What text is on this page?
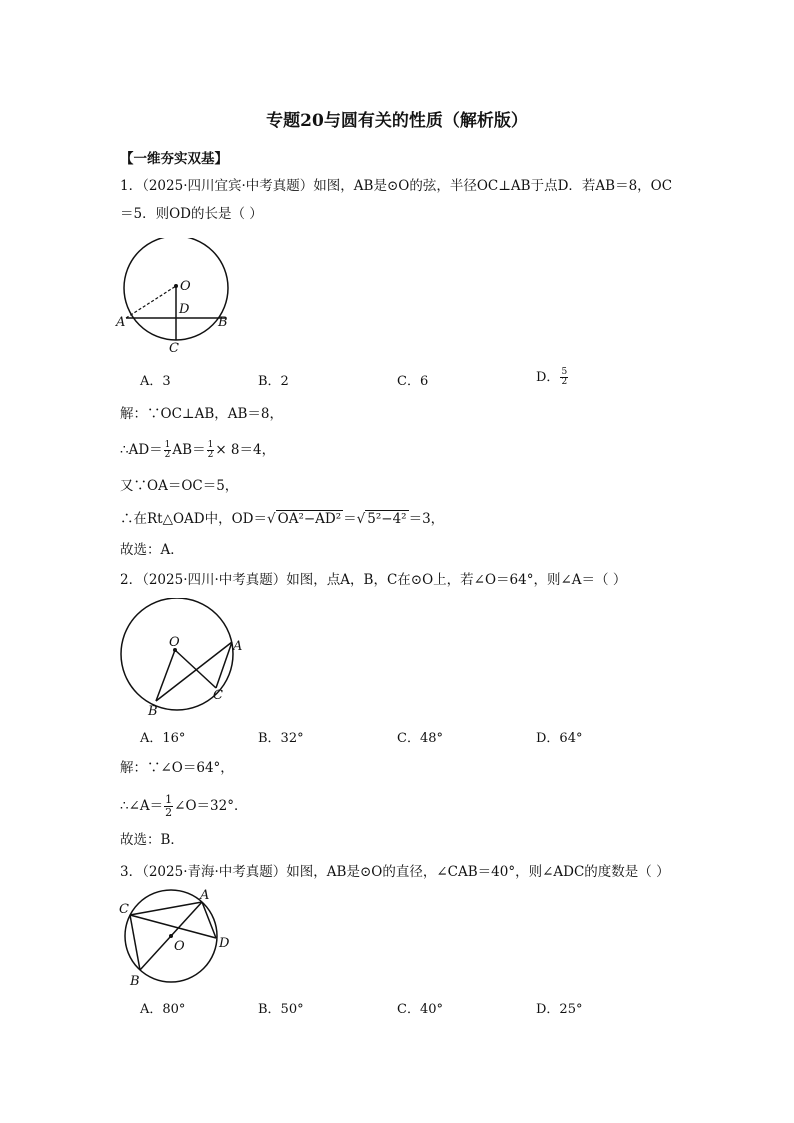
专题20与圆有关的性质（解析版）
【一维夯实双基】
1．（2025·四川宜宾·中考真题）如图，AB是⊙O的弦，半径OC⊥AB于点D．若AB＝8，OC
＝5．则OD的长是（ ）
O
D
A	B
C
A．3	B．2	C．6	D． $\frac{5}{2}$
解：∵OC⊥AB，AB＝8，
∴AD＝ $\frac{1}{2} AB= \frac{1}{2} \times 8=4$，
又∵OA＝OC＝5，
∴在Rt△OAD中，OD＝√ OA²−AD² ＝√ 5²−4² ＝3，
故选：A．
2．（2025·四川·中考真题）如图，点A，B，C在⊙O上，若∠O＝64°，则∠A＝（ ）
O	A
B
C
A．16°	B．32°	C．48°	D．64°
解：∵∠O＝64°，
∴∠A＝ $\frac{1}{2}$ ∠O＝32°．
故选：B．
3．（2025·青海·中考真题）如图，AB是⊙O的直径，∠CAB＝40°，则∠ADC的度数是（ ）
O
A
B
C
D
A．80°	B．50°	C．40°	D．25°
